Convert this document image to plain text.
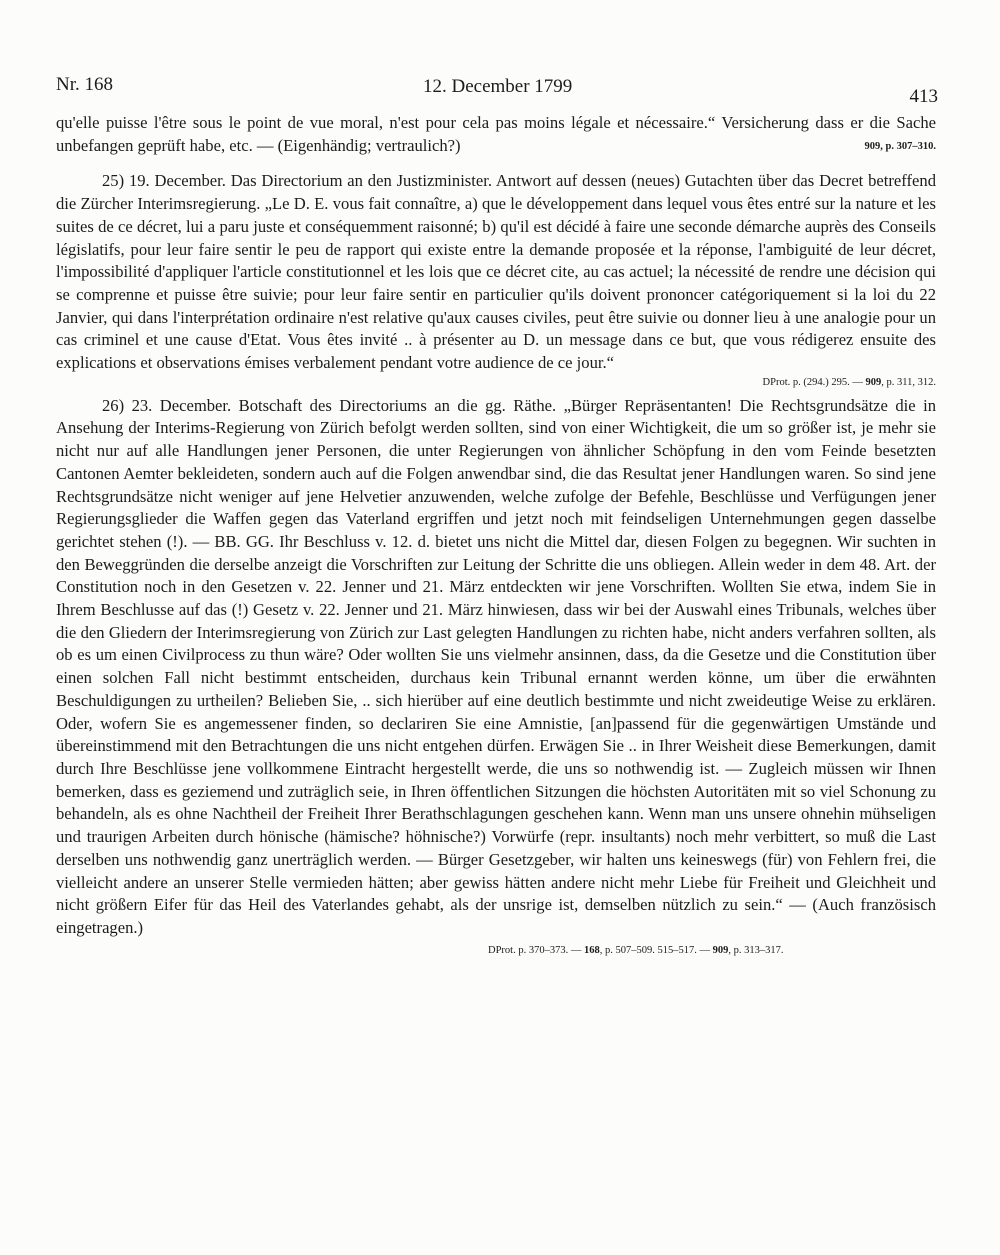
Nr. 168	12. December 1799	413

qu'elle puisse l'être sous le point de vue moral, n'est pour cela pas moins légale et nécessaire.“ Versicherung dass er die Sache unbefangen geprüft habe, etc. — (Eigenhändig; vertraulich?)	909, p. 307–310.

25) 19. December. Das Directorium an den Justizminister. Antwort auf dessen (neues) Gutachten über das Decret betreffend die Zürcher Interimsregierung. „Le D. E. vous fait connaître, a) que le développement dans lequel vous êtes entré sur la nature et les suites de ce décret, lui a paru juste et conséquemment raisonné; b) qu'il est décidé à faire une seconde démarche auprès des Conseils législatifs, pour leur faire sentir le peu de rapport qui existe entre la demande proposée et la réponse, l'ambiguité de leur décret, l'impossibilité d'appliquer l'article constitutionnel et les lois que ce décret cite, au cas actuel; la nécessité de rendre une décision qui se comprenne et puisse être suivie; pour leur faire sentir en particulier qu'ils doivent prononcer catégoriquement si la loi du 22 Janvier, qui dans l'interprétation ordinaire n'est relative qu'aux causes civiles, peut être suivie ou donner lieu à une analogie pour un cas criminel et une cause d'Etat. Vous êtes invité .. à présenter au D. un message dans ce but, que vous rédigerez ensuite des explications et observations émises verbalement pendant votre audience de ce jour.“

DProt. p. (294.) 295. — 909, p. 311, 312.

26) 23. December. Botschaft des Directoriums an die gg. Räthe. „Bürger Repräsentanten! Die Rechtsgrundsätze die in Ansehung der Interims-Regierung von Zürich befolgt werden sollten, sind von einer Wichtigkeit, die um so größer ist, je mehr sie nicht nur auf alle Handlungen jener Personen, die unter Regierungen von ähnlicher Schöpfung in den vom Feinde besetzten Cantonen Aemter bekleideten, sondern auch auf die Folgen anwendbar sind, die das Resultat jener Handlungen waren. So sind jene Rechtsgrundsätze nicht weniger auf jene Helvetier anzuwenden, welche zufolge der Befehle, Beschlüsse und Verfügungen jener Regierungsglieder die Waffen gegen das Vaterland ergriffen und jetzt noch mit feindseligen Unternehmungen gegen dasselbe gerichtet stehen (!). — BB. GG. Ihr Beschluss v. 12. d. bietet uns nicht die Mittel dar, diesen Folgen zu begegnen. Wir suchten in den Beweggründen die derselbe anzeigt die Vorschriften zur Leitung der Schritte die uns obliegen. Allein weder in dem 48. Art. der Constitution noch in den Gesetzen v. 22. Jenner und 21. März entdeckten wir jene Vorschriften. Wollten Sie etwa, indem Sie in Ihrem Beschlusse auf das (!) Gesetz v. 22. Jenner und 21. März hinwiesen, dass wir bei der Auswahl eines Tribunals, welches über die den Gliedern der Interimsregierung von Zürich zur Last gelegten Handlungen zu richten habe, nicht anders verfahren sollten, als ob es um einen Civilprocess zu thun wäre? Oder wollten Sie uns vielmehr ansinnen, dass, da die Gesetze und die Constitution über einen solchen Fall nicht bestimmt entscheiden, durchaus kein Tribunal ernannt werden könne, um über die erwähnten Beschuldigungen zu urtheilen? Belieben Sie, .. sich hierüber auf eine deutlich bestimmte und nicht zweideutige Weise zu erklären. Oder, wofern Sie es angemessener finden, so declariren Sie eine Amnistie, [an]passend für die gegenwärtigen Umstände und übereinstimmend mit den Betrachtungen die uns nicht entgehen dürfen. Erwägen Sie .. in Ihrer Weisheit diese Bemerkungen, damit durch Ihre Beschlüsse jene vollkommene Eintracht hergestellt werde, die uns so nothwendig ist. — Zugleich müssen wir Ihnen bemerken, dass es geziemend und zuträglich seie, in Ihren öffentlichen Sitzungen die höchsten Autoritäten mit so viel Schonung zu behandeln, als es ohne Nachtheil der Freiheit Ihrer Berathschlagungen geschehen kann. Wenn man uns unsere ohnehin mühseligen und traurigen Arbeiten durch hönische (hämische? höhnische?) Vorwürfe (repr. insultants) noch mehr verbittert, so muß die Last derselben uns nothwendig ganz unerträglich werden. — Bürger Gesetzgeber, wir halten uns keineswegs (für) von Fehlern frei, die vielleicht andere an unserer Stelle vermieden hätten; aber gewiss hätten andere nicht mehr Liebe für Freiheit und Gleichheit und nicht größern Eifer für das Heil des Vaterlandes gehabt, als der unsrige ist, demselben nützlich zu sein.“ — (Auch französisch eingetragen.)

DProt. p. 370–373. — 168, p. 507–509. 515–517. — 909, p. 313–317.
